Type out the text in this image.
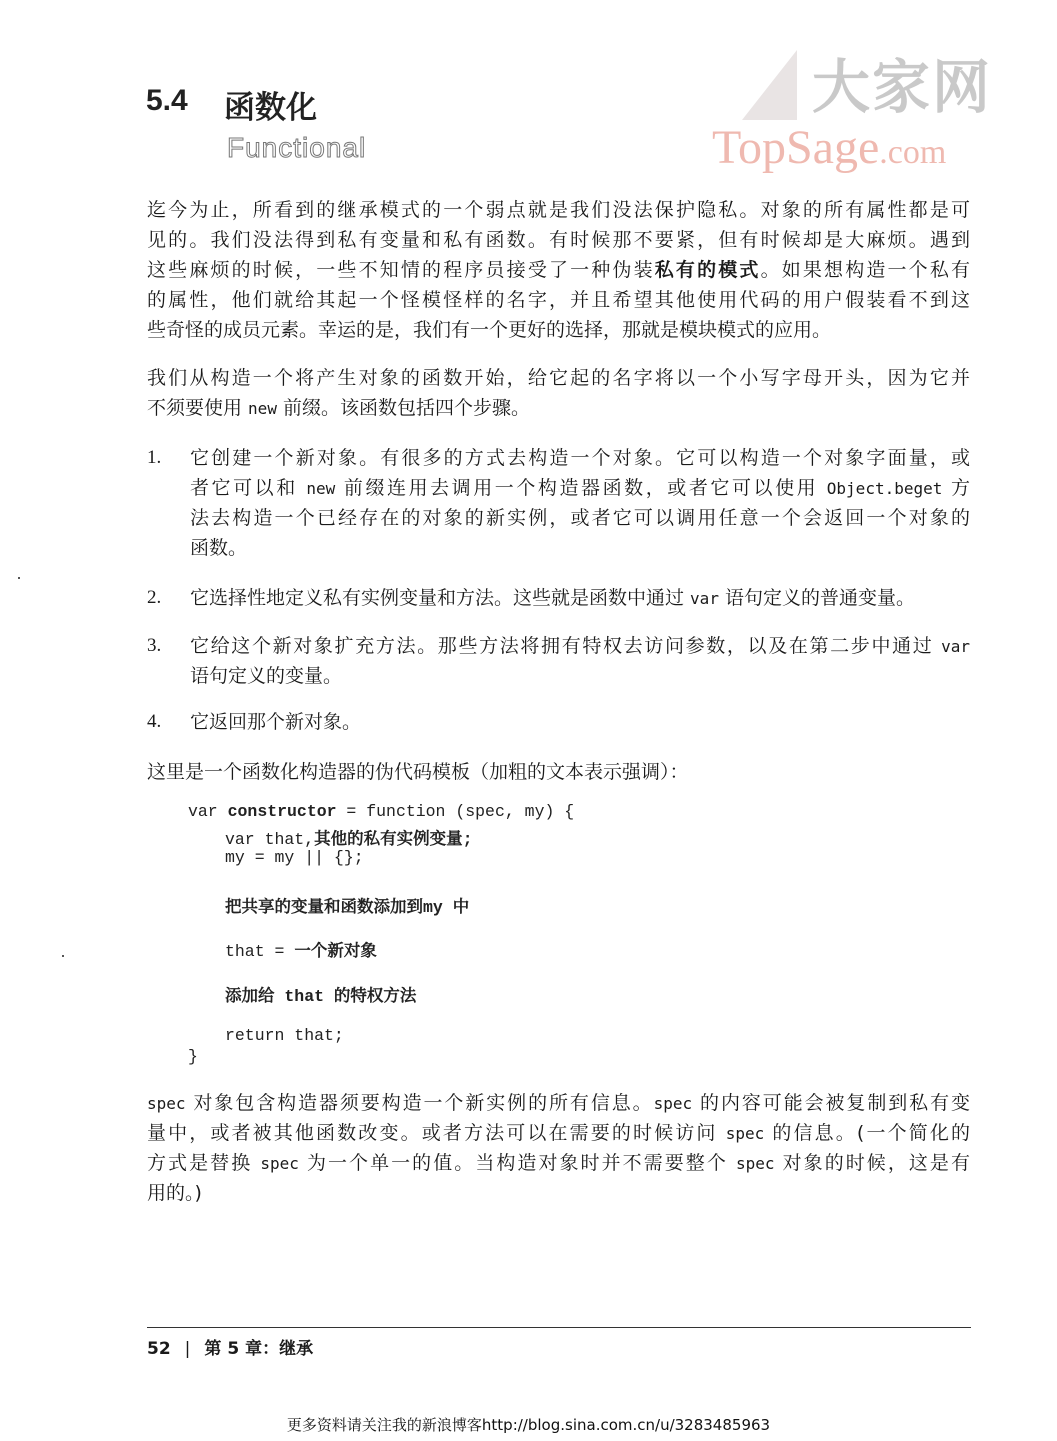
5.4 函数化
Functional
大家网
TopSage.com
迄今为止，所看到的继承模式的一个弱点就是我们没法保护隐私。对象的所有属性都是可
见的。我们没法得到私有变量和私有函数。有时候那不要紧，但有时候却是大麻烦。遇到
这些麻烦的时候，一些不知情的程序员接受了一种伪装私有的模式。如果想构造一个私有
的属性，他们就给其起一个怪模怪样的名字，并且希望其他使用代码的用户假装看不到这
些奇怪的成员元素。幸运的是，我们有一个更好的选择，那就是模块模式的应用。
我们从构造一个将产生对象的函数开始，给它起的名字将以一个小写字母开头，因为它并
不须要使用 new 前缀。该函数包括四个步骤。
1. 它创建一个新对象。有很多的方式去构造一个对象。它可以构造一个对象字面量，或
者它可以和 new 前缀连用去调用一个构造器函数，或者它可以使用 Object.beget 方
法去构造一个已经存在的对象的新实例，或者它可以调用任意一个会返回一个对象的
函数。
2. 它选择性地定义私有实例变量和方法。这些就是函数中通过 var 语句定义的普通变量。
3. 它给这个新对象扩充方法。那些方法将拥有特权去访问参数，以及在第二步中通过 var
语句定义的变量。
4. 它返回那个新对象。
这里是一个函数化构造器的伪代码模板（加粗的文本表示强调）：
var constructor = function (spec, my) {
var that,其他的私有实例变量;
my = my || {};
把共享的变量和函数添加到my 中
that = 一个新对象
添加给 that 的特权方法
return that;
}
spec 对象包含构造器须要构造一个新实例的所有信息。spec 的内容可能会被复制到私有变
量中，或者被其他函数改变。或者方法可以在需要的时候访问 spec 的信息。(一个简化的
方式是替换 spec 为一个单一的值。当构造对象时并不需要整个 spec 对象的时候，这是有
用的。)
52 | 第 5 章：继承
更多资料请关注我的新浪博客http://blog.sina.com.cn/u/3283485963
